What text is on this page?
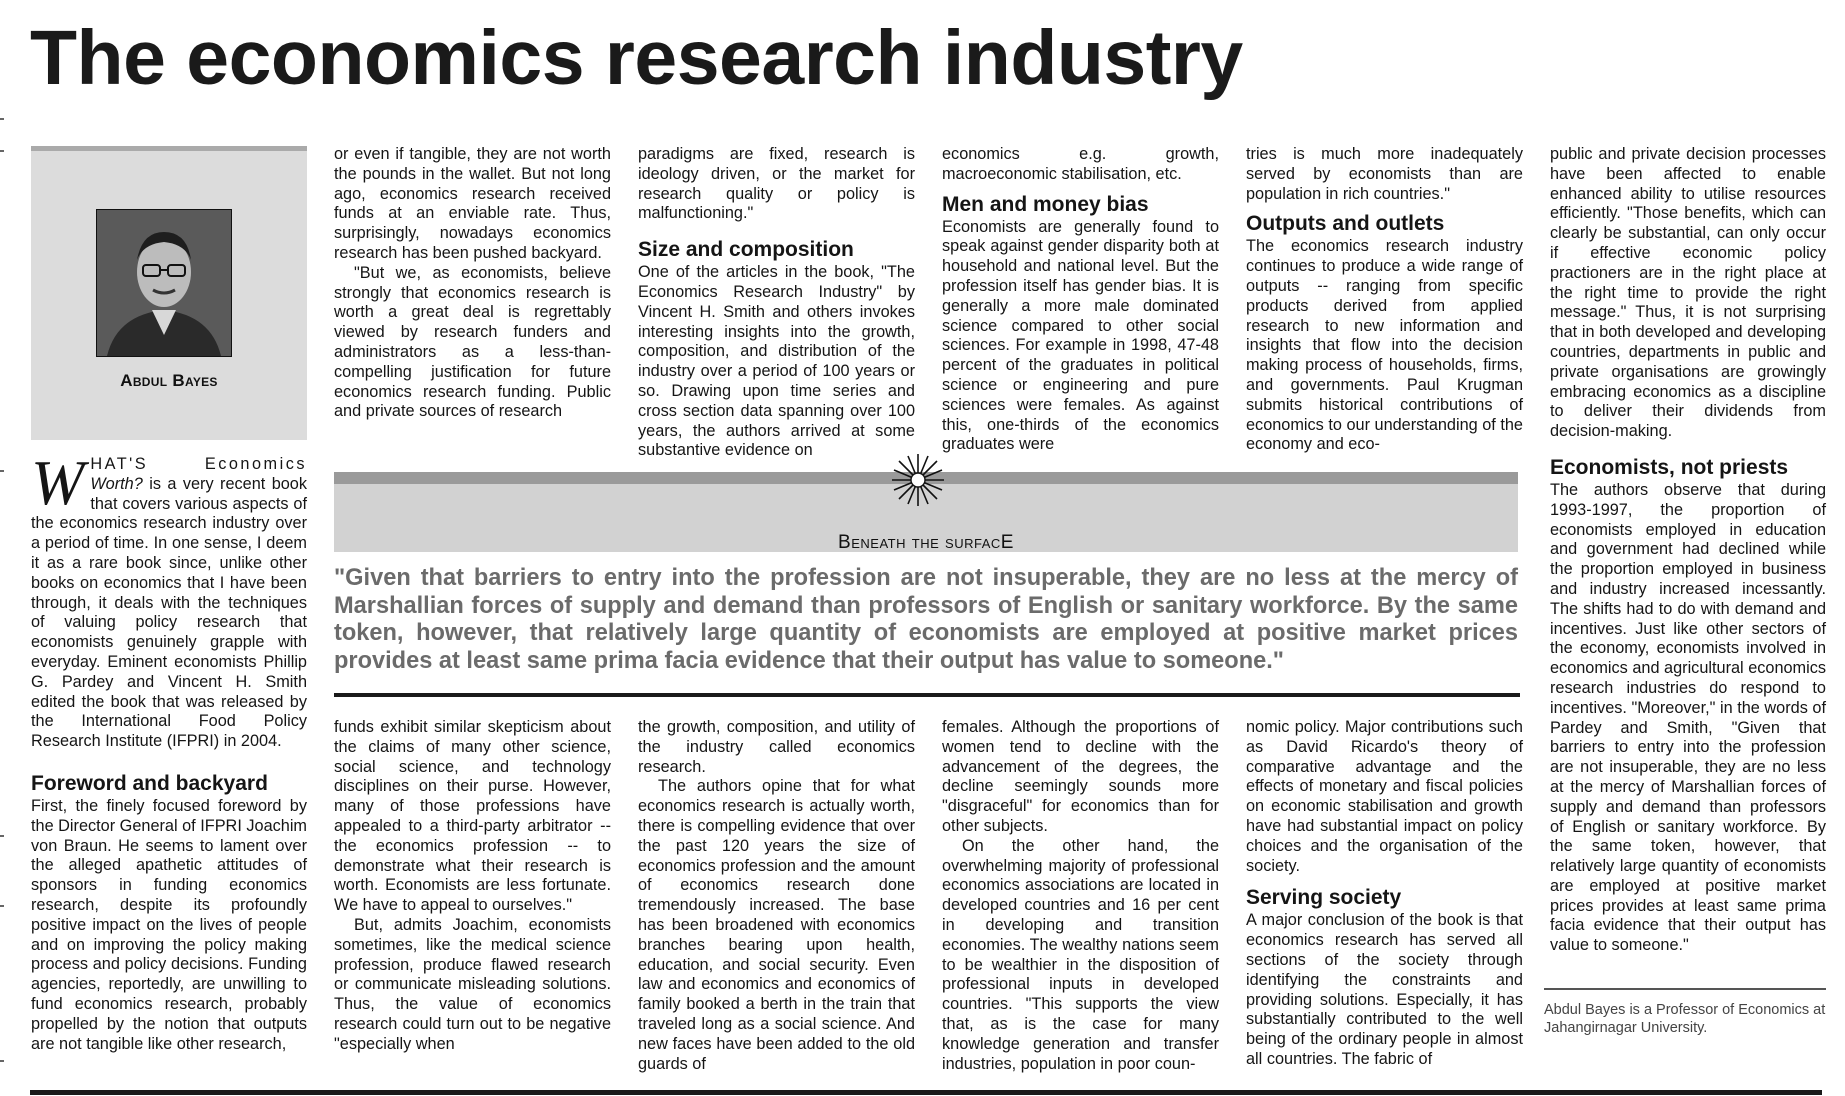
The economics research industry
Abdul Bayes

WHAT'S Economics Worth? is a very recent book that covers various aspects of the economics research industry over a period of time. In one sense, I deem it as a rare book since, unlike other books on economics that I have been through, it deals with the techniques of valuing policy research that economists genuinely grapple with everyday. Eminent economists Phillip G. Pardey and Vincent H. Smith edited the book that was released by the International Food Policy Research Institute (IFPRI) in 2004.

Foreword and backyard

First, the finely focused foreword by the Director General of IFPRI Joachim von Braun. He seems to lament over the alleged apathetic attitudes of sponsors in funding economics research, despite its profoundly positive impact on the lives of people and on improving the policy making process and policy decisions. Funding agencies, reportedly, are unwilling to fund economics research, probably propelled by the notion that outputs are not tangible like other research,

or even if tangible, they are not worth the pounds in the wallet. But not long ago, economics research received funds at an enviable rate. Thus, surprisingly, nowadays economics research has been pushed backyard.

"But we, as economists, believe strongly that economics research is worth a great deal is regrettably viewed by research funders and administrators as a less-than-compelling justification for future economics research funding. Public and private sources of research

paradigms are fixed, research is ideology driven, or the market for research quality or policy is malfunctioning."

Size and composition

One of the articles in the book, "The Economics Research Industry" by Vincent H. Smith and others invokes interesting insights into the growth, composition, and distribution of the industry over a period of 100 years or so. Drawing upon time series and cross section data spanning over 100 years, the authors arrived at some substantive evidence on

economics e.g. growth, macroeconomic stabilisation, etc.

Men and money bias

Economists are generally found to speak against gender disparity both at household and national level. But the profession itself has gender bias. It is generally a more male dominated science compared to other social sciences. For example in 1998, 47-48 percent of the graduates in political science or engineering and pure sciences were females. As against this, one-thirds of the economics graduates were

tries is much more inadequately served by economists than are population in rich countries."

Outputs and outlets

The economics research industry continues to produce a wide range of outputs -- ranging from specific products derived from applied research to new information and insights that flow into the decision making process of households, firms, and governments. Paul Krugman submits historical contributions of economics to our understanding of the economy and eco-

public and private decision processes have been affected to enable enhanced ability to utilise resources efficiently. "Those benefits, which can clearly be substantial, can only occur if effective economic policy practioners are in the right place at the right time to provide the right message." Thus, it is not surprising that in both developed and developing countries, departments in public and private organisations are growingly embracing economics as a discipline to deliver their dividends from decision-making.

Economists, not priests

The authors observe that during 1993-1997, the proportion of economists employed in education and government had declined while the proportion employed in business and industry increased incessantly. The shifts had to do with demand and incentives. Just like other sectors of the economy, economists involved in economics and agricultural economics research industries do respond to incentives. "Moreover," in the words of Pardey and Smith, "Given that barriers to entry into the profession are not insuperable, they are no less at the mercy of Marshallian forces of supply and demand than professors of English or sanitary workforce. By the same token, however, that relatively large quantity of economists are employed at positive market prices provides at least same prima facia evidence that their output has value to someone."

Beneath the surfacE

"Given that barriers to entry into the profession are not insuperable, they are no less at the mercy of Marshallian forces of supply and demand than professors of English or sanitary workforce. By the same token, however, that relatively large quantity of economists are employed at positive market prices provides at least same prima facia evidence that their output has value to someone."

funds exhibit similar skepticism about the claims of many other science, social science, and technology disciplines on their purse. However, many of those professions have appealed to a third-party arbitrator -- the economics profession -- to demonstrate what their research is worth. Economists are less fortunate. We have to appeal to ourselves."

But, admits Joachim, economists sometimes, like the medical science profession, produce flawed research or communicate misleading solutions. Thus, the value of economics research could turn out to be negative "especially when

the growth, composition, and utility of the industry called economics research.

The authors opine that for what economics research is actually worth, there is compelling evidence that over the past 120 years the size of economics profession and the amount of economics research done tremendously increased. The base has been broadened with economics branches bearing upon health, education, and social security. Even law and economics and economics of family booked a berth in the train that traveled long as a social science. And new faces have been added to the old guards of

females. Although the proportions of women tend to decline with the advancement of the degrees, the decline seemingly sounds more "disgraceful" for economics than for other subjects.

On the other hand, the overwhelming majority of professional economics associations are located in developed countries and 16 per cent in developing and transition economies. The wealthy nations seem to be wealthier in the disposition of professional inputs in developed countries. "This supports the view that, as is the case for many knowledge generation and transfer industries, population in poor coun-

nomic policy. Major contributions such as David Ricardo's theory of comparative advantage and the effects of monetary and fiscal policies on economic stabilisation and growth have had substantial impact on policy choices and the organisation of the society.

Serving society

A major conclusion of the book is that economics research has served all sections of the society through identifying the constraints and providing solutions. Especially, it has substantially contributed to the well being of the ordinary people in almost all countries. The fabric of

Abdul Bayes is a Professor of Economics at Jahangirnagar University.
